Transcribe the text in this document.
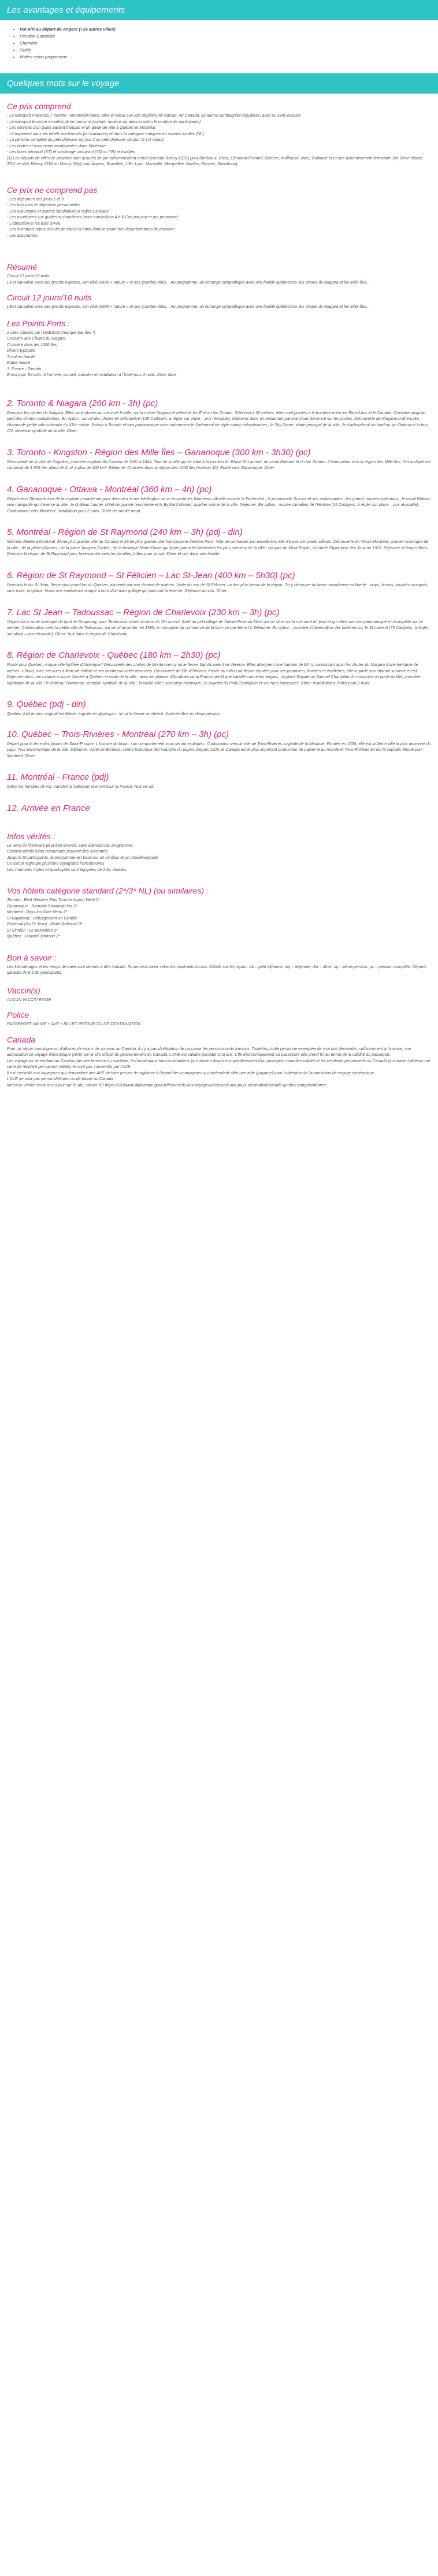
Les avantages et équipements
• Vol A/R au départ de Angers (+16 autres villes)
• Pension Complète
• Chambre
• Guide
• Visites selon programme
Quelques mots sur le voyage
Ce prix comprend

- Le transport France(s) / Toronto - Montréal/France, aller et retour sur vols réguliers Air transat, Air Canada, ou autres compagnies régulières, avec ou sans escales
- Le transport terrestre en véhicule de tourisme (voiture, minibus ou autocar selon le nombre de participants)
- Les services d'un guide parlant français et un guide de ville à Québec et Montréal
- Le logement dans les hôtels mentionnés (ou similaires) et dans la catégorie indiquée en normes locales (NL)
- La pension complète du petit déjeuner du jour 2 au petit déjeuner du jour 11 (-2 repas)
- Les visites et excursions mentionnées dans l'itinéraire
- Les taxes aéroport (XT) et surcharge carburant (YQ ou YR) révisables
(1) Les départs de villes de province sont assurés en pré acheminement aérien (vers/de Roissy CDG) pour Bordeaux, Brest, Clermont-Ferrand, Genève, Mulhouse, Nice, Toulouse et en pré acheminement ferroviaire (en 2ème classe TGV vers/de Roissy CDG ou Massy Orly) pour Angers, Bruxelles, Lille, Lyon, Marseille, Montpellier, Nantes, Rennes, Strasbourg.

Ce prix ne comprend pas

- Les déjeuners des jours 5 et 9
- Les boissons et dépenses personnelles
- Les excursions et soirées facultatives à régler sur place
- Les pourboires aux guides et chauffeurs (nous conseillons 4 à 6 Cad par jour et par personne)
- L'obtention et les frais d'AVE
- Les éventuels repas et nuits de transit à Paris dans le cadre des départs/retours de province
- Les assurances

Résumé

Circuit 12 jours/10 nuits-
L'Est canadien avec ses grands espaces, son côté 100% « nature » et ses grandes villes... Au programme, un échange sympathique avec une famille québécoise, les chutes du Niagara et les Mille-Îles...

Circuit 12 jours/10 nuits

L'Est canadien avec ses grands espaces, son côté 100% « nature » et ses grandes villes... Au programme, un échange sympathique avec une famille québécoise, les chutes du Niagara et les Mille-Îles...

Les Points Forts :

2 sites classés par l'UNESCO (marqué par des *)
Croisière aux Chutes du Niagara
Croisière dans les 1000 îles
Dîners typiques
1 nuit en famille
Etape nature
1. France - Toronto
Envol pour Toronto. À l'arrivée, accueil, transfert et installation à l'hôtel pour 2 nuits. Dîner libre.

2. Toronto & Niagara (260 km - 3h) (pc)

Direction les chutes du Niagara. Elles sont situées au cœur de la ville, sur la rivière Niagara et relient le lac Érié au lac Ontario. S'élevant à 52 mètres, elles sont posées à la frontière entre les États-Unis et le Canada. Croisière jusqu'au pied des chutes canadiennes. En option : survol des chutes en hélicoptère (135 Cad/pers. à régler sur place – prix révisable). Déjeuner dans un restaurant panoramique dominant sur les chutes. Découverte de Niagara-on-the-Lake, charmante petite ville coloniale du XIXe siècle. Retour à Toronto et tour panoramique avec notamment le Parlement de style roman richardsonien ; le Sky Dome, stade principal de la ville ; le Harbourfront au bord du lac Ontario et la tour CN, devenue symbole de la ville. Dîner.

3. Toronto - Kingston - Région des Mille Îles – Gananoque (300 km - 3h30) (pc)

Découverte de la ville de Kingston, première capitale du Canada de 1841 à 1844. Tour de la ville qui se situe à la jonction du fleuve St-Laurent, du canal Rideau* et du lac Ontario. Continuation vers la région des Mille Îles. Cet archipel est composé de 1 865 îles allant de 2 m² à plus de 100 km². Déjeuner. Croisière dans la région des 1000 îles (environ 1h). Route vers Gananoque. Dîner.

4. Gananoque - Ottawa - Montréal (360 km – 4h) (pc)

Départ vers Ottawa et tour de la capitale canadienne pour découvrir la rue Wellington où se trouvent les bâtiments officiels comme le Parlement ; la promenade Sussex et ses ambassades ; les grands musées nationaux ; le canal Rideau, voie navigable qui traverse la ville ; le château Laurier, hôtel de grande renommée et le ByWard Market, quartier animé de la ville. Déjeuner. En option : musée canadien de l'Histoire (15 Cad/pers. à régler sur place – prix révisable). Continuation vers Montréal. Installation pour 2 nuits. Dîner de smoke meat.

5. Montréal - Région de St Raymond (240 km – 3h) (pdj - din)

Matinée dédiée à Montréal, 2ème plus grande ville du Canada et 2ème plus grande ville francophone derrière Paris. Ville de contrastes par excellence, elle n'a pas son pareil ailleurs. Découverte du Vieux-Montréal, quartier historique de la ville ; de la place d'Armes ; de la place Jacques Cartier ; de la basilique Notre-Dame qui figure parmi les bâtiments les plus précieux de la ville ; du parc du Mont Royal ; du stade Olympique des Jeux de 1976. Déjeuner et temps libres. Direction la région de St Raymond pour la rencontre avec les familles, hôtes pour la nuit. Dîner et nuit dans une famille.

6. Région de St Raymond – St Félicien – Lac St-Jean (400 km – 5h30) (pc)

Direction le lac St Jean, 3ème plus grand lac du Québec, alimenté par une dizaine de rivières. Visite du zoo de St Félicien, un des plus beaux de la région. On y découvre la faune canadienne en liberté : loups, bisons, baudets musqués, ours noirs, orignaux. Vivez une expérience unique à bord d'un train grillagé qui parcourt la réserve. Déjeuner au zoo. Dîner.

7. Lac St Jean – Tadoussac – Région de Charlevoix (230 km – 3h) (pc)

Départ via la route scénique du fjord de Saguenay, pour Tadoussac située au bord du St Laurent. Arrêt au petit village de Sainte-Rose-du-Nord qui se situe sur la rive nord du fjord et qui offre une vue panoramique et incroyable sur ce dernier. Continuation avec la petite ville de Tadoussac qui se vit accorder, en 1599, le monopole du commerce de la fourrure par Henri IV. Déjeuner. En option : croisière d'observation des baleines sur le St Laurent (75 Cad/pers. à régler sur place – prix révisable). Dîner. Nuit dans la région de Charlevoix.

8. Région de Charlevoix - Québec (180 km – 2h30) (pc)

Route pour Québec, unique ville fortifiée d'Amérique ! Découverte des chutes de Montmorency où le fleuve Saint-Laurent se déverse. Elles atteignent une hauteur de 83 m, surpassant ainsi les chutes du Niagara d'une trentaine de mètres. « Nord, avec ses rues à flanc de colline et ses nombreux cafés-terrasses. Découverte de l'Île d'Orléans. Posée au milieu du fleuve réputée pour ses pommiers, fraisiers et érablières, elle a gardé son charme suranné et est Déjeuner dans une cabane à sucre. Arrivée à Québec et visite de la ville ; avec les plaines d'Abraham où la France perdit une bataille contre les anglais ; la place Royale où Samuel Champlain fit construire un poste fortifié, première habitation de la ville ; le château Frontenac, véritable symbole de la ville ; la vieille ville*, son cœur historique ; le quartier du Petit Champlain et ses rues tortueuses. Dîner. Installation à l'hôtel pour 2 nuits.

9. Québec (pdj - din)

Québec dont le nom original est Kebec, signifie en algonquin : là où le fleuve se rétrécit. Journée libre en demi-pension.

10. Québec – Trois-Rivières - Montréal (270 km – 3h) (pc)

Départ pour la terre des bisons de Saint-Prosper. L'histoire du bison, son comportement vous seront expliqués. Continuation vers la ville de Trois-Rivières, capitale de la Mauricie. Fondée en 1634, elle est la 2ème ville la plus ancienne du pays. Tour panoramique de la ville. Déjeuner. Visite de Boréalis, centre historique de l'industrie du papier. Depuis 1926, le Canada est le plus important producteur de papier et au monde et Trois-Rivières en est la capitale. Route pour Montréal. Dîner.

11. Montréal - France (pdj)

Selon les horaires de vol, transfert à l'aéroport et envol pour la France. Nuit en vol.

12. Arrivée en France
Infos vérités :

Le sens de l'itinéraire peut être inversé, sans altération du programme
Certains hôtels et/ou restaurants peuvent être excentrés
Jusqu'à 19 participants, le programme est basé sur un minibus et un chauffeur/guide
Ce circuit regroupe plusieurs voyagistes francophones
Les chambres triples et quadruples sont équipées de 2 lits doubles

Vos hôtels catégorie standard (2*/3* NL) (ou similaires) :

Toronto : Best Western Plus Toronto Airport West 2*
Gananoque : Ramada Provincial Inn 2*
Montréal : Days Inn Cote Vertu 2*
St Raymond : Hébergement en Famille
Roberval (lac St Jean) : Motel Roberval 3*
St Siméon : Le Belvédère 2*
Québec : Howard Johnson 2*

Bon à savoir :

Les kilométrages et les temps de trajet sont donnés à titre indicatif. Ils peuvent varier selon les impératifs locaux. Détails sur les repas : bb = petit déjeuner, dej = déjeuner, din = dîner, dp = demi-pension, pc = pension complète. Départs garantis de 8 à 50 participants.

Vaccin(s)

AUCUN VACCIN EXIGE

Police

PASSEPORT VALIDE + AVE + BILLET RETOUR OU DE CONTINUATION

Canada

Pour un séjour touristique ou d'affaires de moins de six mois au Canada, il n'y a pas d'obligation de visa pour les ressortissants français. Toutefois, toute personne exemptée de visa doit demander, suffisamment à l'avance, une autorisation de voyage électronique (AVE) sur le site officiel du gouvernement du Canada. L'AVE est valable pendant cinq ans. L'île électroniquement au passeport, elle prend fin au terme de la validité du passeport.
Les voyageurs se rendant au Canada par voie terrestre ou maritime, les binationaux franco-canadiens (qui doivent disposer impérativement d'un passeport canadien valide) et les résidents permanents du Canada (qui doivent détenir une carte de résident permanent valide) ne sont pas concernés par l'AVE.
Il est conseillé aux voyageurs qui demandent une AVE de faire preuve de vigilance à l'égard des compagnies qui prétendent offrir une aide (payante) pour l'obtention de l'autorisation de voyage électronique.
L'AVE ne vaut pas permis d'études ou de travail au Canada.
Merci de vérifier les mises à jour sur le site, cliquer ICI https://XXXwww.diplomatie.gouv.fr/fr/conseils-aux-voyageurs/conseils-par-pays-destination/canada-quebec-compris/#entree
